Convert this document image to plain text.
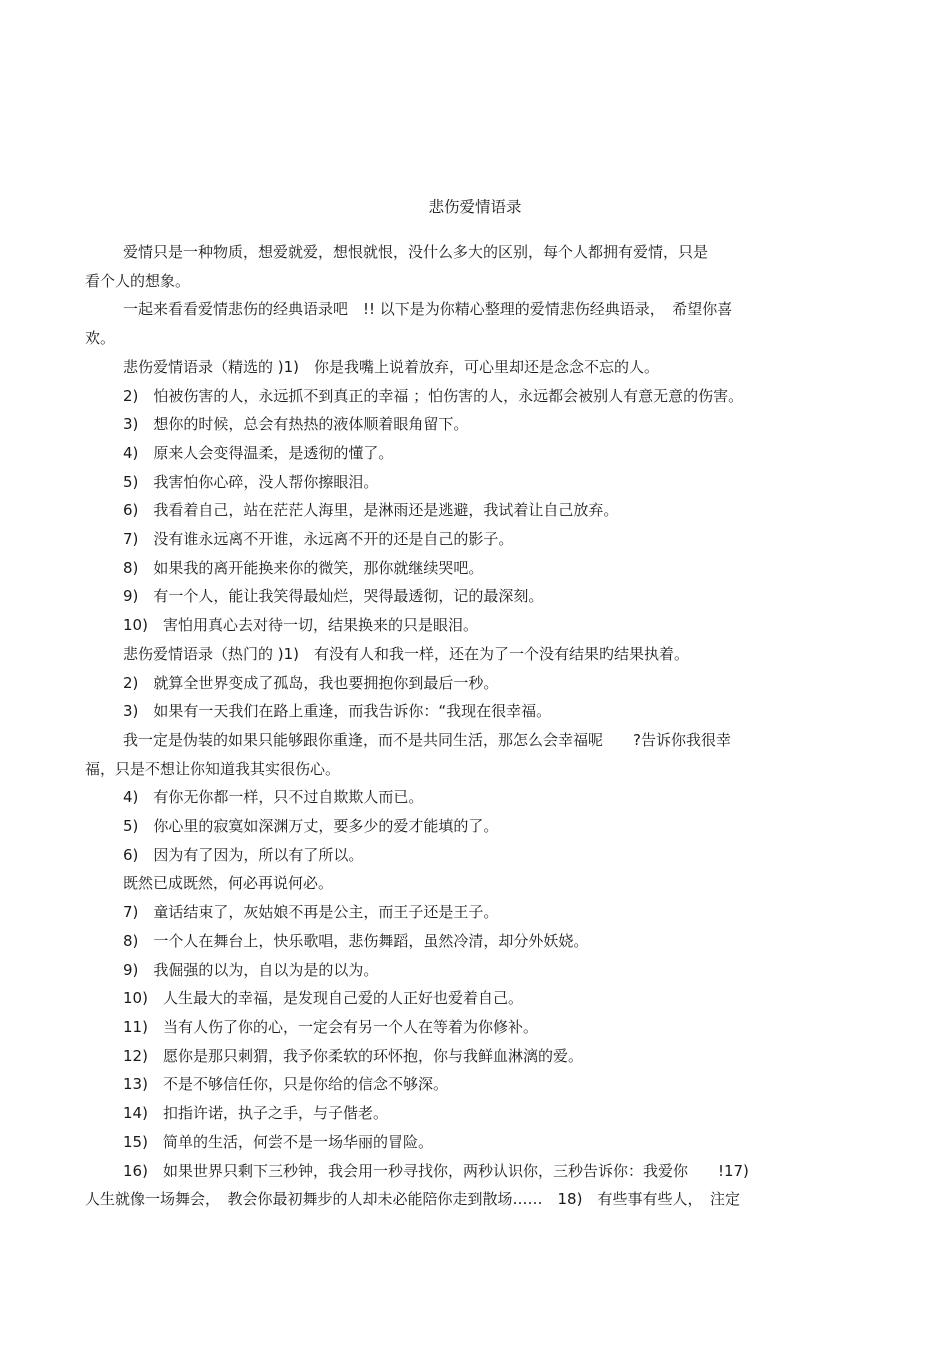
悲伤爱情语录

爱情只是一种物质，想爱就爱，想恨就恨，没什么多大的区别，每个人都拥有爱情，只是

看个人的想象。

一起来看看爱情悲伤的经典语录吧　!! 以下是为你精心整理的爱情悲伤经典语录，　希望你喜

欢。

悲伤爱情语录（精选的 )1)　你是我嘴上说着放弃，可心里却还是念念不忘的人。

2)　怕被伤害的人，永远抓不到真正的幸福 ；怕伤害的人，永远都会被别人有意无意的伤害。

3)　想你的时候，总会有热热的液体顺着眼角留下。

4)　原来人会变得温柔，是透彻的懂了。

5)　我害怕你心碎，没人帮你擦眼泪。

6)　我看着自己，站在茫茫人海里，是淋雨还是逃避，我试着让自己放弃。

7)　没有谁永远离不开谁，永远离不开的还是自己的影子。

8)　如果我的离开能换来你的微笑，那你就继续哭吧。

9)　有一个人，能让我笑得最灿烂，哭得最透彻，记的最深刻。

10)　害怕用真心去对待一切，结果换来的只是眼泪。

悲伤爱情语录（热门的 )1)　有没有人和我一样，还在为了一个没有结果旳结果执着。

2)　就算全世界变成了孤岛，我也要拥抱你到最后一秒。

3)　如果有一天我们在路上重逢，而我告诉你：“我现在很幸福。

我一定是伪装的如果只能够跟你重逢，而不是共同生活，那怎么会幸福呢　　?告诉你我很幸

福，只是不想让你知道我其实很伤心。

4)　有你无你都一样，只不过自欺欺人而已。

5)　你心里的寂寞如深渊万丈，要多少的爱才能填的了。

6)　因为有了因为，所以有了所以。

既然已成既然，何必再说何必。

7)　童话结束了，灰姑娘不再是公主，而王子还是王子。

8)　一个人在舞台上，快乐歌唱，悲伤舞蹈，虽然冷清，却分外妖娆。

9)　我倔强的以为，自以为是的以为。

10)　人生最大的幸福，是发现自己爱的人正好也爱着自己。

11)　当有人伤了你的心，一定会有另一个人在等着为你修补。

12)　愿你是那只刺猬，我予你柔软的环怀抱，你与我鲜血淋漓的爱。

13)　不是不够信任你，只是你给的信念不够深。

14)　扣指许诺，执子之手，与子偕老。

15)　简单的生活，何尝不是一场华丽的冒险。

16)　如果世界只剩下三秒钟，我会用一秒寻找你，两秒认识你，三秒告诉你：我爱你　　!17)

人生就像一场舞会，　教会你最初舞步的人却未必能陪你走到散场……　18)　有些事有些人，　注定
